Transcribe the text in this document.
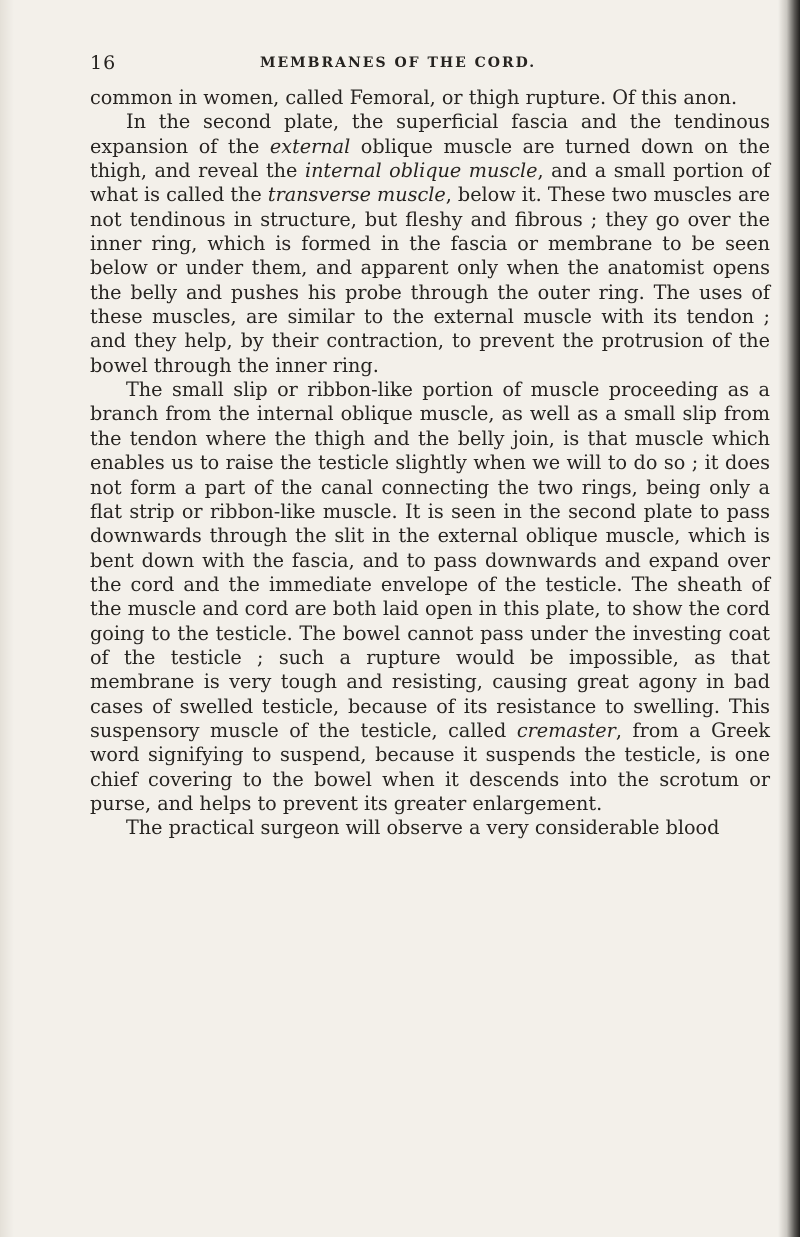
16	MEMBRANES OF THE CORD.

common in women, called Femoral, or thigh rupture. Of this anon.

In the second plate, the superficial fascia and the tendinous expansion of the external oblique muscle are turned down on the thigh, and reveal the internal oblique muscle, and a small portion of what is called the transverse muscle, below it. These two muscles are not tendinous in structure, but fleshy and fibrous ; they go over the inner ring, which is formed in the fascia or membrane to be seen below or under them, and apparent only when the anatomist opens the belly and pushes his probe through the outer ring. The uses of these muscles, are similar to the external muscle with its tendon ; and they help, by their contraction, to prevent the protrusion of the bowel through the inner ring.

The small slip or ribbon-like portion of muscle proceeding as a branch from the internal oblique muscle, as well as a small slip from the tendon where the thigh and the belly join, is that muscle which enables us to raise the testicle slightly when we will to do so ; it does not form a part of the canal connecting the two rings, being only a flat strip or ribbon-like muscle. It is seen in the second plate to pass downwards through the slit in the external oblique muscle, which is bent down with the fascia, and to pass downwards and expand over the cord and the immediate envelope of the testicle. The sheath of the muscle and cord are both laid open in this plate, to show the cord going to the testicle. The bowel cannot pass under the investing coat of the testicle ; such a rupture would be impossible, as that membrane is very tough and resisting, causing great agony in bad cases of swelled testicle, because of its resistance to swelling. This suspensory muscle of the testicle, called cremaster, from a Greek word signifying to suspend, because it suspends the testicle, is one chief covering to the bowel when it descends into the scrotum or purse, and helps to prevent its greater enlargement.

The practical surgeon will observe a very considerable blood
